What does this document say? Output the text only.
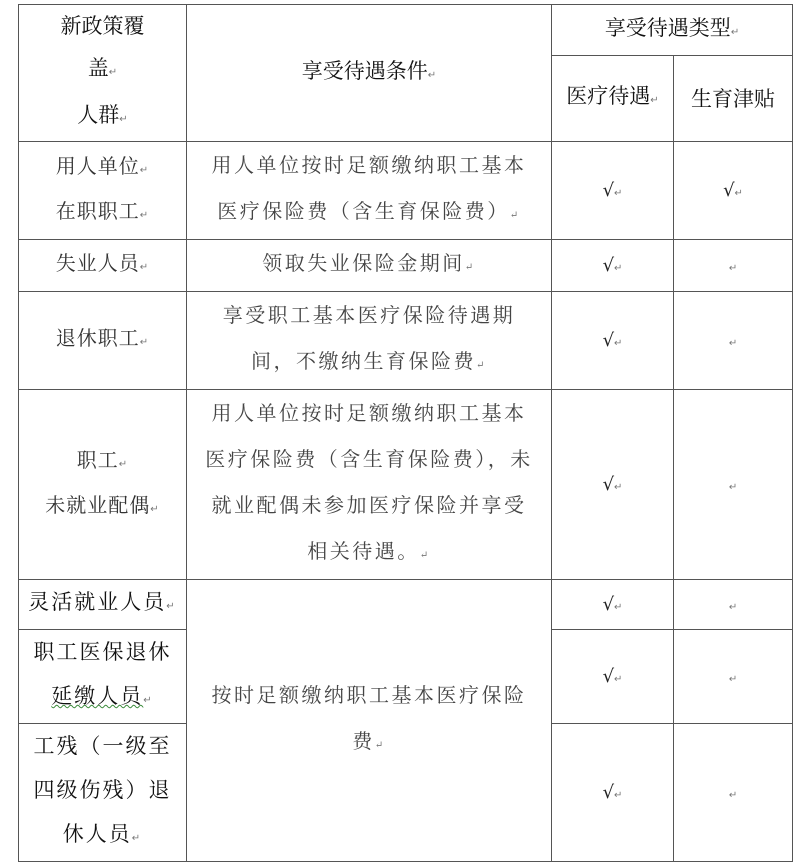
新政策覆
盖↵
人群↵	享受待遇条件↵	享受待遇类型↵	
		医疗待遇↵	生育津贴

用人单位↵
在职职工↵	用人单位按时足额缴纳职工基本
医疗保险费（含生育保险费）↵	√↵	√↵
失业人员↵	领取失业保险金期间↵	√↵	↵
退休职工↵	享受职工基本医疗保险待遇期
间，不缴纳生育保险费↵	√↵	↵

职工↵
未就业配偶↵	用人单位按时足额缴纳职工基本
医疗保险费（含生育保险费），未
就业配偶未参加医疗保险并享受
相关待遇。↵	√↵	↵
灵活就业人员↵	按时足额缴纳职工基本医疗保险
费↵	√↵	↵

职工医保退休
延缴人员↵		√↵	↵

工残（一级至
四级伤残）退
休人员↵		√↵	↵
